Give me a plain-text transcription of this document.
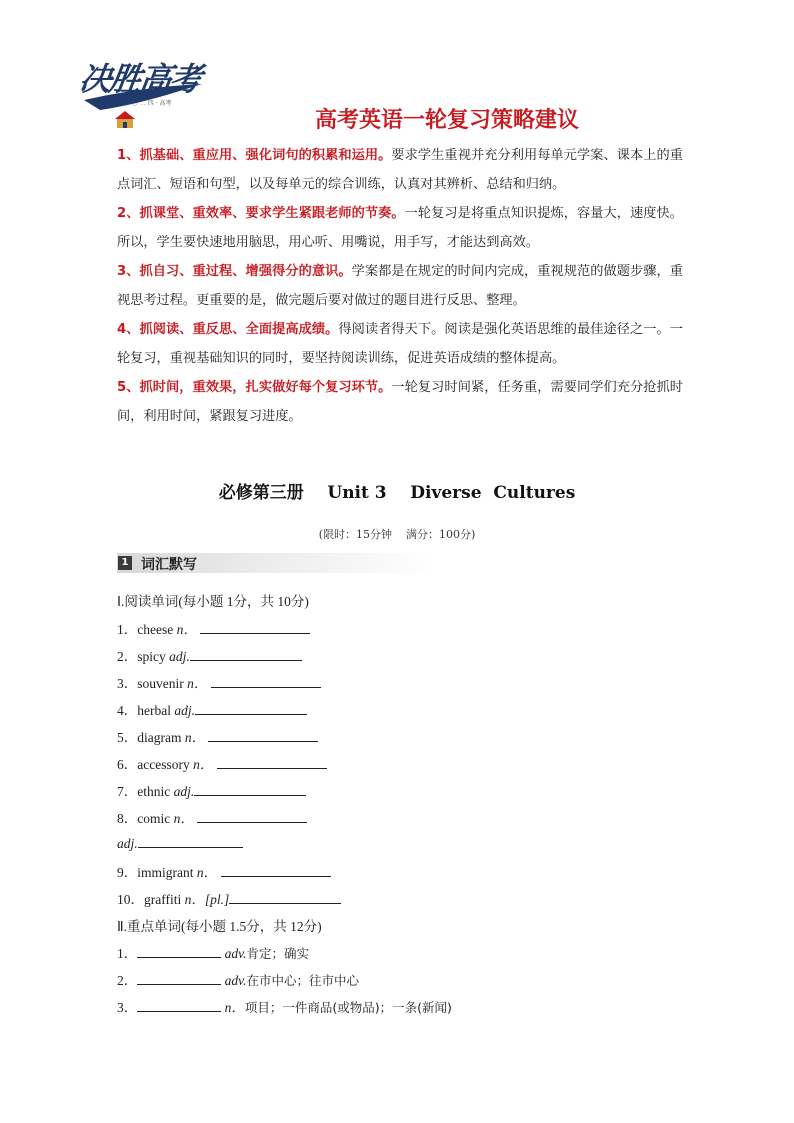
决胜高考
二 〇 二 四 · 高考
高考英语一轮复习策略建议

1、抓基础、重应用、强化词句的积累和运用。要求学生重视并充分利用每单元学案、课本上的重点词汇、短语和句型，以及每单元的综合训练，认真对其辨析、总结和归纳。

2、抓课堂、重效率、要求学生紧跟老师的节奏。一轮复习是将重点知识提炼，容量大，速度快。所以，学生要快速地用脑思，用心听、用嘴说，用手写，才能达到高效。

3、抓自习、重过程、增强得分的意识。学案都是在规定的时间内完成，重视规范的做题步骤，重视思考过程。更重要的是，做完题后要对做过的题目进行反思、整理。

4、抓阅读、重反思、全面提高成绩。得阅读者得天下。阅读是强化英语思维的最佳途径之一。一轮复习，重视基础知识的同时，要坚持阅读训练，促进英语成绩的整体提高。

5、抓时间，重效果，扎实做好每个复习环节。一轮复习时间紧，任务重，需要同学们充分抢抓时间，利用时间，紧跟复习进度。

必修第三册    Unit 3    Diverse  Cultures
(限时：15分钟    满分：100分)
1 词汇默写
Ⅰ.阅读单词(每小题 1分，共 10分)
1．cheese n．
2．spicy adj.
3．souvenir n．
4．herbal adj.
5．diagram n．
6．accessory n．
7．ethnic adj.
8．comic n．
adj.
9．immigrant n．
10．graffiti n．[pl.]
Ⅱ.重点单词(每小题 1.5分，共 12分)
1．	adv.肯定；确实
2．	adv.在市中心；往市中心
3．	n．项目；一件商品(或物品)；一条(新闻)
